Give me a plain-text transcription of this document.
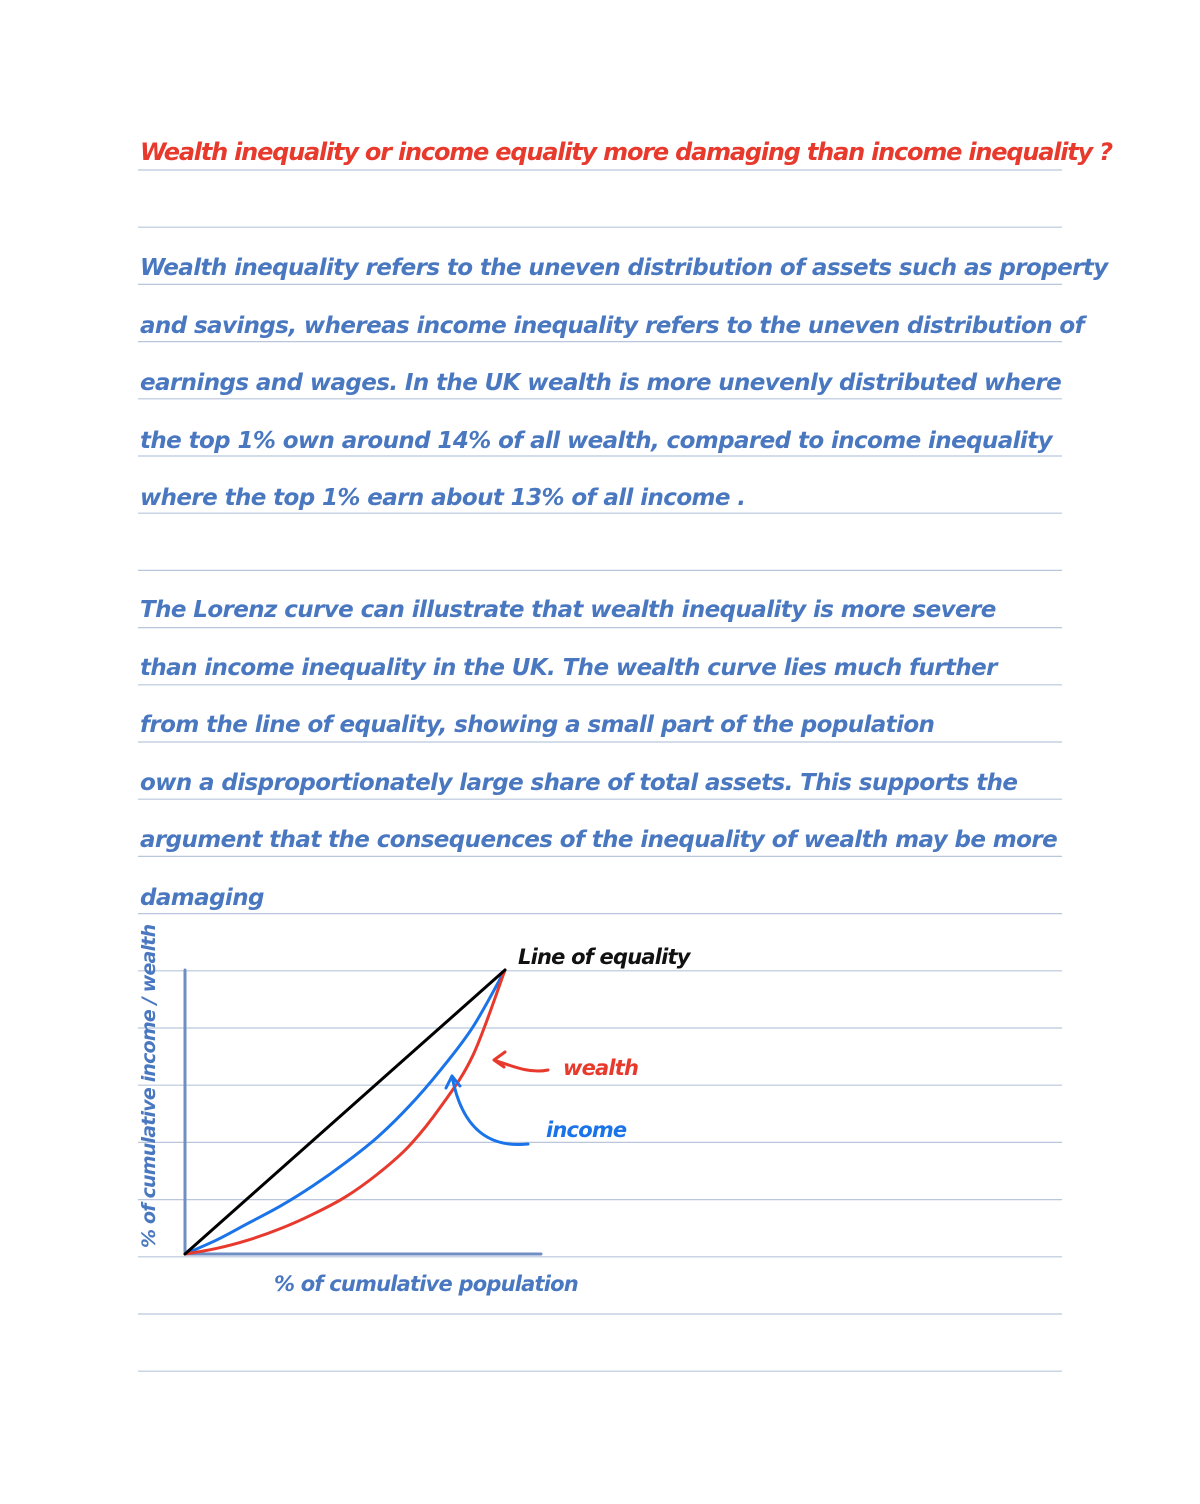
Wealth inequality or income equality more damaging than income inequality ?
Wealth inequality refers to the uneven distribution of assets such as property
and savings, whereas income inequality refers to the uneven distribution of
earnings and wages. In the UK wealth is more unevenly distributed where
the top 1% own around 14% of all wealth, compared to income inequality
where the top 1% earn about 13% of all income .
The Lorenz curve can illustrate that wealth inequality is more severe
than income inequality in the UK. The wealth curve lies much further
from the line of equality, showing a small part of the population
own a disproportionately large share of total assets. This supports the
argument that the consequences of the inequality of wealth may be more
damaging
Line of equality
wealth
income
% of cumulative population
% of cumulative income / wealth
